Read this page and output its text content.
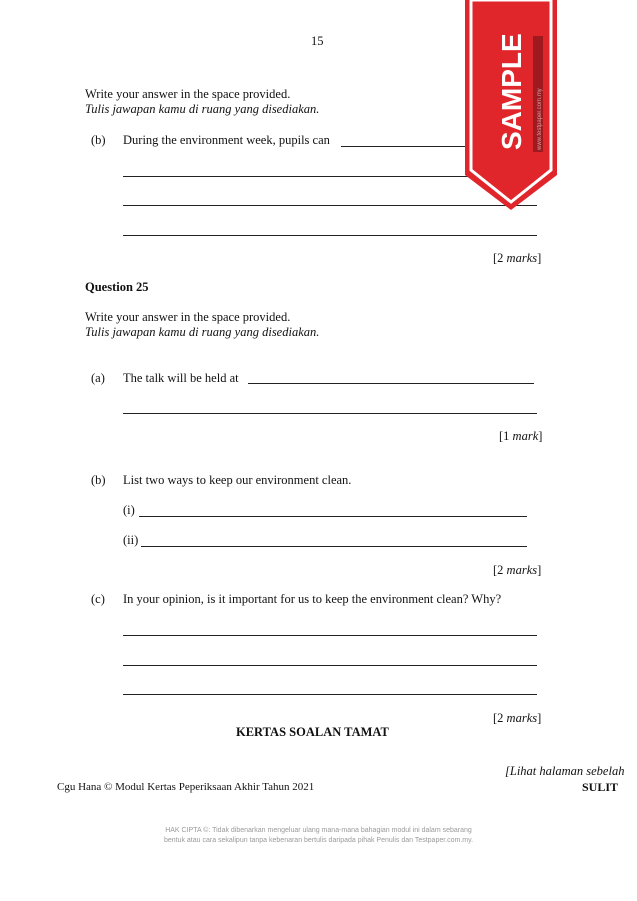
15
Write your answer in the space provided.
Tulis jawapan kamu di ruang yang disediakan.
(b) During the environment week, pupils can
[2 marks]
Question 25
Write your answer in the space provided.
Tulis jawapan kamu di ruang yang disediakan.
(a) The talk will be held at
[1 mark]
(b) List two ways to keep our environment clean.
(i)
(ii)
[2 marks]
(c) In your opinion, is it important for us to keep the environment clean? Why?
[2 marks]
KERTAS SOALAN TAMAT
[Lihat halaman sebelah
Cgu Hana © Modul Kertas Peperiksaan Akhir Tahun 2021	SULIT
HAK CIPTA ©: Tidak dibenarkan mengeluar ulang mana-mana bahagian modul ini dalam sebarang
bentuk atau cara sekalipun tanpa kebenaran bertulis daripada pihak Penulis dan Testpaper.com.my.
SAMPLE www.testpaper.com.my
